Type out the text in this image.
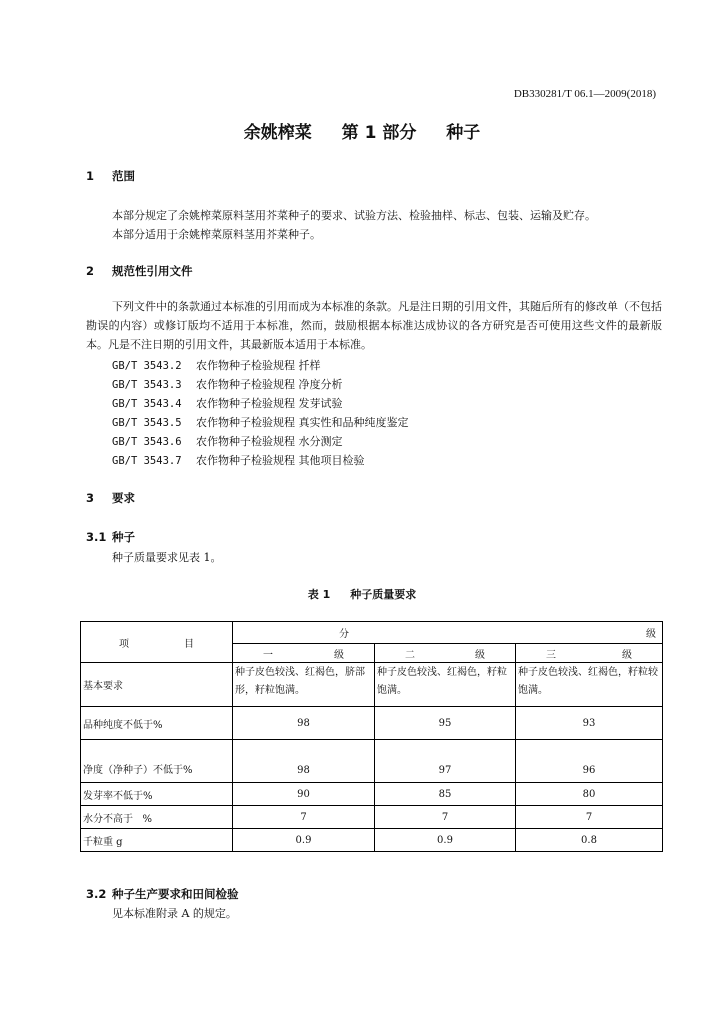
DB330281/T 06.1—2009(2018)
余姚榨菜 第 1 部分 种子
1 范围
本部分规定了余姚榨菜原料茎用芥菜种子的要求、试验方法、检验抽样、标志、包装、运输及贮存。
本部分适用于余姚榨菜原料茎用芥菜种子。
2 规范性引用文件
下列文件中的条款通过本标准的引用而成为本标准的条款。凡是注日期的引用文件，其随后所有的修改单（不包括勘误的内容）或修订版均不适用于本标准，然而，鼓励根据本标准达成协议的各方研究是否可使用这些文件的最新版本。凡是不注日期的引用文件，其最新版本适用于本标准。
GB/T 3543.2 农作物种子检验规程 扦样
GB/T 3543.3 农作物种子检验规程 净度分析
GB/T 3543.4 农作物种子检验规程 发芽试验
GB/T 3543.5 农作物种子检验规程 真实性和品种纯度鉴定
GB/T 3543.6 农作物种子检验规程 水分测定
GB/T 3543.7 农作物种子检验规程 其他项目检验
3 要求
3.1 种子
种子质量要求见表 1。
表 1 种子质量要求
项 目	分 级		

	一 级	二 级	三 级

基本要求	种子皮色较浅、红褐色，脐部形，籽粒饱满。	种子皮色较浅、红褐色，籽粒饱满。	种子皮色较浅、红褐色，籽粒较饱满。
品种纯度不低于%	98	95	93
净度（净种子）不低于%	98	97	96
发芽率不低于%	90	85	80
水分不高于   %	7	7	7
千粒重 g	0.9	0.9	0.8
3.2 种子生产要求和田间检验
见本标准附录 A 的规定。
